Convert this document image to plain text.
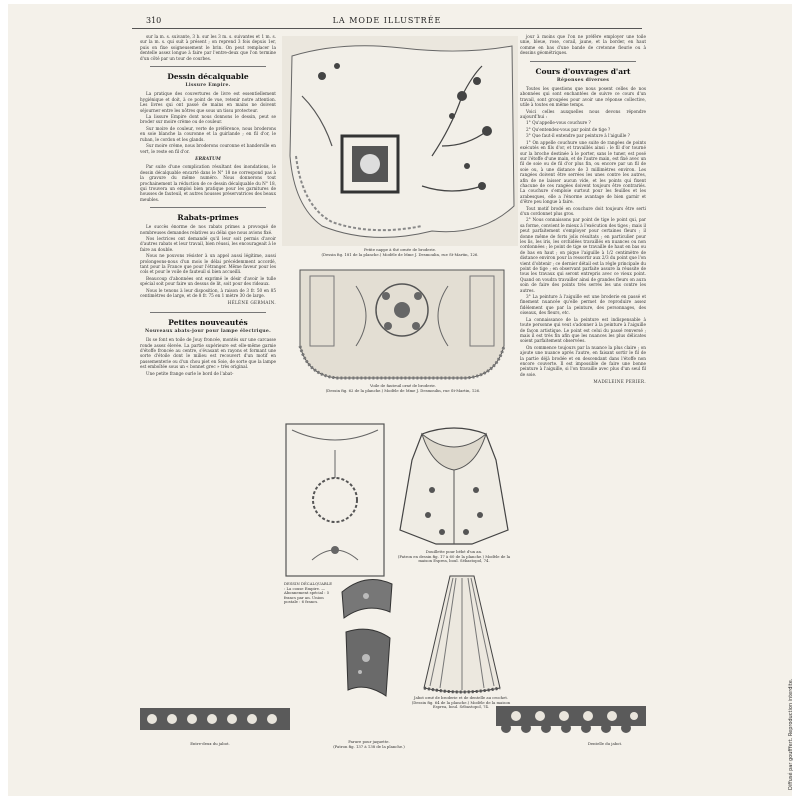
310	LA MODE ILLUSTRÉE

sur la m. s. suivante, 3 b. sur les 3 m. s. suivantes et 1 m. s. sur la m. s. qui suit à présent ; on reprend 3 fois depuis 1er, puis on fixe soigneusement le brin. On peut remplacer la dentelle assez longue à faire par l'entre-deux que l'on termine d'un côté par un tour de courbes.

Dessin décalquable
Lissure Empire.

La pratique des couvertures de livre est essentiellement hygiénique et doit, à ce point de vue, retenir notre attention. Les livres qui ont passé de mains en mains ne doivent séjourner entre les nôtres que sous un tissu protecteur.

La lissure Empire dont nous donnons le dessin, peut se broder sur moire crème ou de couleur.

Sur moire de couleur, verte de préférence, nous broderons en soie blanche la couronne et la guirlande ; en fil d'or, le ruban, le cordon et les glands.

Sur moire crème, nous broderons couronne et banderolle en vert, le reste en fil d'or.

ERRATUM

Par suite d'une complication résultant des inondations, le dessin décalquable encarté dans le N° 18 ne correspond pas à la gravure du même numéro. Nous donnerons tout prochainement la réduction de ce dessin décalquable du N° 18, qui trouvera un emploi bien pratique pour les garnitures de housses de fauteuil, et autres housses préservatrices des beaux meubles.

Rabats-primes

Le succès énorme de nos rabats primes a provoqué de nombreuses demandes relatives au délai que nous avions fixé.

Nos lectrices ont demandé qu'il leur soit permis d'avoir d'autres rabats et leur travail, bien réussi, les encourageait à le faire au double.

Nous ne pouvons résister à un appel aussi légitime, aussi prolongeons-nous d'un mois le délai précédemment accordé, tant pour la France que pour l'étranger. Même faveur pour les cols et pour le voile de fauteuil si bien accueilli.

Beaucoup d'abonnées ont exprimé le désir d'avoir le tulle spécial soit pour faire un dessus de lit, soit pour des rideaux.

Nous le tenons à leur disposition, à raison de 3 fr. 50 en 85 centimètres de large, et de 8 fr. 75 en 1 mètre 30 de large.

HÉLÈNE GERMAIN.
Petites nouveautés
Nouveaux abats-jour pour lampe électrique.

Ils se font en toile de Jouy froncée, montés sur une carcasse ronde assez élevée. La partie supérieure est elle-même garnie d'étoffe froncée au centre, s'évasant en rayons et formant une sorte d'étoile dont le milieu est recouvert d'un motif en passementerie ou d'un chou piet en Soie, de sorte que la lampe est emboîtée sous un « bonnet grec » très original.

Une petite frange ourle le bord de l'abat-

jour à moins que l'on ne préfère employer une toile unie, bleue, rose, corail, jaune, et la border, en haut comme en bas d'une bande de cretonne fleurie ou à dessins géométriques.

Cours d'ouvrages d'art
Réponses diverses

Toutes les questions que nous posent celles de nos abonnées qui sont enchantées de suivre ce cours d'un travail, sont groupées pour avoir une réponse collective, utile à toutes en même temps.

Voici celles auxquelles nous devons répondre aujourd'hui :

1° Qu'appelle-vous couchure ?

2° Qu'entendez-vous par point de tige ?

3° Que faut-il entendre par peinture à l'aiguille ?

1° On appelle couchure une suite de rangées de points exécutés en fils d'or, et travaillés ainsi : le fil d'or tourné sur la broche destinée à le porter, sans le tuner, est posé sur l'étoffe d'une main, et de l'autre main, est fixé avec un fil de soie ou de fil d'or plus fin, ou encore par un fil de soie ou, à une distance de 3 millimètres environ. Les rangées doivent être serrées les unes contre les autres, afin de ne laisser aucun vide, et les points qui fixent chacune de ces rangées doivent toujours être contrariés. La couchure s'emploie surtout pour les feuilles et les arabesques, elle a l'énorme avantage de bien garnir et d'être peu longue à faire.

Tout motif brodé en couchure doit toujours être serti d'un cordonnet plus gros.

2° Nous connaissons par point de tige le point qui, par sa forme, convient le mieux à l'exécution des tiges ; mais il peut parfaitement s'employer pour certaines fleurs ; il donne même de forts jolis résultats ; en particulier pour les lis, les iris, les orchidées travaillés en nuances ou non cordonnées ; le point de tige se travaille de haut en bas ou de bas en haut ; on pique l'aiguille à 1/2 centimètre de distance environ pour la ressortir aux 2/3 du point que l'on vient d'obtenir ; ce dernier détail est la règle principale du point de tige ; en observant parfaite assure la réussite de tous les travaux qui seront entrepris avec ce vieux point. Quand on voudra travailler ainsi de grandes fleurs on aura soin de faire des points très serrés les uns contre les autres.

3° La peinture à l'aiguille est une broderie en passé et finement nuancée qu'elle permet de reproduire assez fidèlement que par la peinture, des personnages, des oiseaux, des fleurs, etc.

La connaissance de la peinture est indispensable à toute personne qui veut s'adonner à la peinture à l'aiguille de façon artistique. Le point est celui du passé renversé ; mais il est très fin afin que les nuances les plus délicates soient parfaitement observées.

On commence toujours par la nuance la plus claire ; on ajoute une nuance après l'autre, en faisant sortir le fil de la partie déjà brodée et en descendant dans l'étoffe non encore couverte. Il est impossible de faire une bonne peinture à l'aiguille, si l'on travaille avec plus d'un seul fil de soie.

MADELEINE PERIER.
Petite nappe à thé ornée de broderie.
(Dessin fig. 181 de la planche.) Modèle de Mme J. Desmoulin, rue St-Martin, 126.
Voile de fauteuil orné de broderie.
(Dessin fig. 62 de la planche.) Modèle de Mme J. Desmoulin, rue St-Martin, 126.
DESSIN DÉCALQUABLE : La couse Empire. — Abonnement spécial : 5 francs par an. Union postale : 6 francs.
Douillette pour bébé d'un an.
(Patron en dessin fig. 17 à 60 de la planche.) Modèle de la maison Esprea, boul. Sébastopol, 74.
Parure pour jaquette.
(Patron fig. 137 à 138 de la planche.)
Jabot orné de broderie et de dentelle au crochet.
(Dessin fig. 64 de la planche.) Modèle de la maison Esprea, boul. Sébastopol, 74.
Entre-deux du jabot.	Dentelle du jabot.	Diffusé par goufffert. Reproduction interdite.
